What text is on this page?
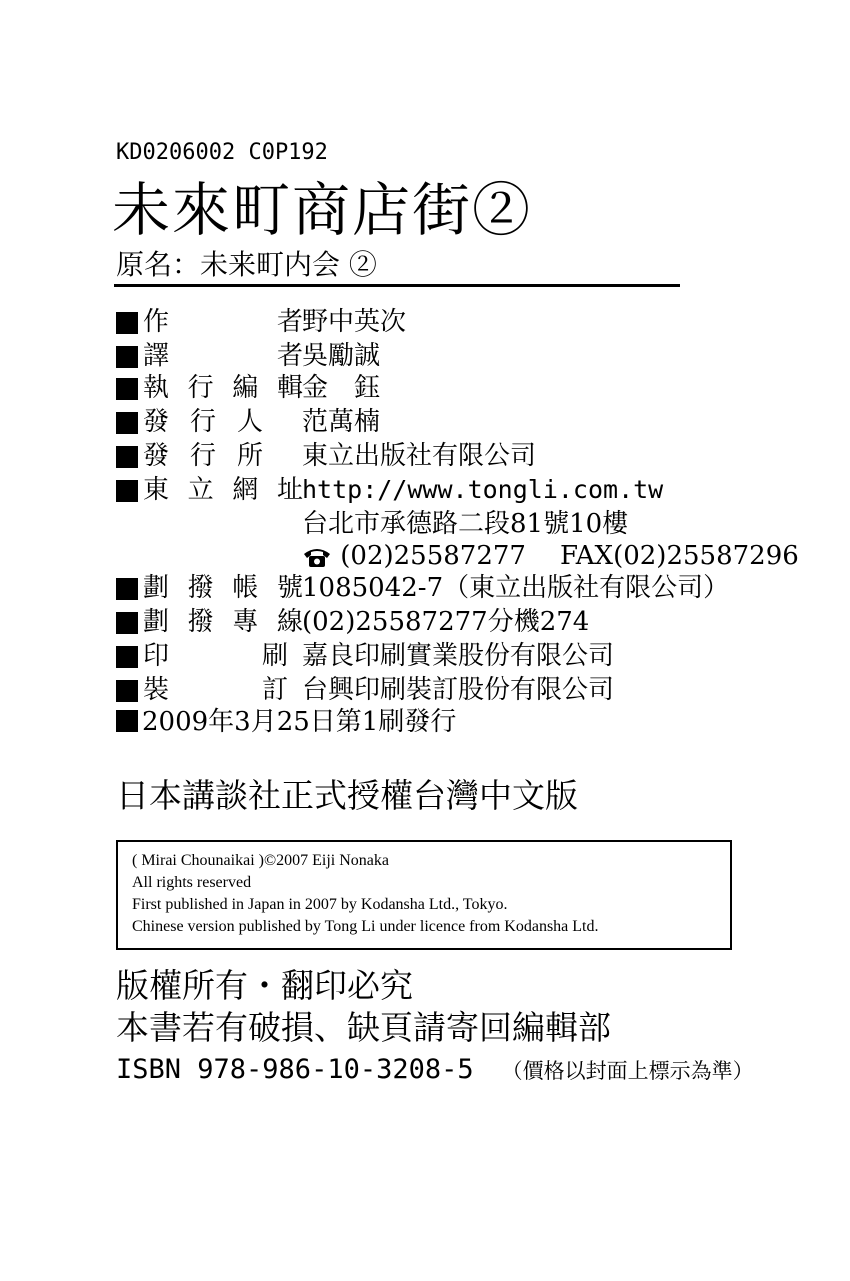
KD0206002 C0P192
未來町商店街②
原名：未来町内会 ②
作	者 野中英次
譯	者 吳勵誠
執 行 編 輯 金　鈺
發 行 人 范萬楠
發 行 所 東立出版社有限公司
東 立 網 址 http://www.tongli.com.tw
台北市承德路二段81號10樓
(02)25587277 FAX(02)25587296
劃 撥 帳 號 1085042-7（東立出版社有限公司）
劃 撥 專 線 (02)25587277分機274
印	刷 嘉良印刷實業股份有限公司
裝	訂 台興印刷裝訂股份有限公司
2009年3月25日第1刷發行
日本講談社正式授權台灣中文版
( Mirai Chounaikai )©2007 Eiji Nonaka
All rights reserved
First published in Japan in 2007 by Kodansha Ltd., Tokyo.
Chinese version published by Tong Li under licence from Kodansha Ltd.
版權所有・翻印必究
本書若有破損、缺頁請寄回編輯部
ISBN 978-986-10-3208-5 （價格以封面上標示為準）
